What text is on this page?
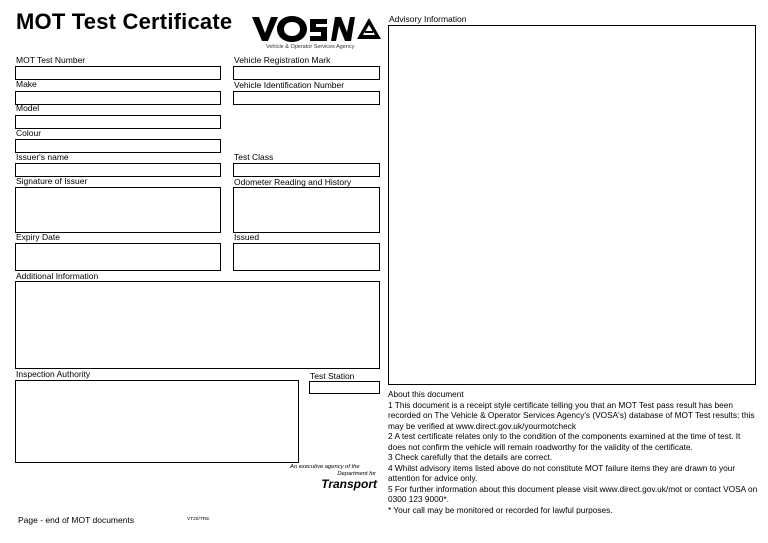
MOT Test Certificate
Vehicle & Operator Services Agency
MOT Test Number
Make
Model
Colour
Issuer's name
Signature of Issuer
Expiry Date
Vehicle Registration Mark
Vehicle Identification Number
Test Class
Odometer Reading and History
Issued
Additional Information
Inspection Authority	Test Station
Advisory Information

About this document

1 This document is a receipt style certificate telling you that an MOT Test pass result has been recorded on The Vehicle & Operator Services Agency's (VOSA's) database of MOT Test results; this may be verified at www.direct.gov.uk/yourmotcheck

2 A test certificate relates only to the condition of the components examined at the time of test. It does not confirm the vehicle will remain roadworthy for the validity of the certificate.

3 Check carefully that the details are correct.

4 Whilst advisory items listed above do not constitute MOT failure items they are drawn to your attention for advice only.

5 For further information about this document please visit www.direct.gov.uk/mot or contact VOSA on 0300 123 9000*.

* Your call may be monitored or recorded for lawful purposes.

An executive agency of the
Department for
Transport
Page - end of MOT documents	VT20/TRE
